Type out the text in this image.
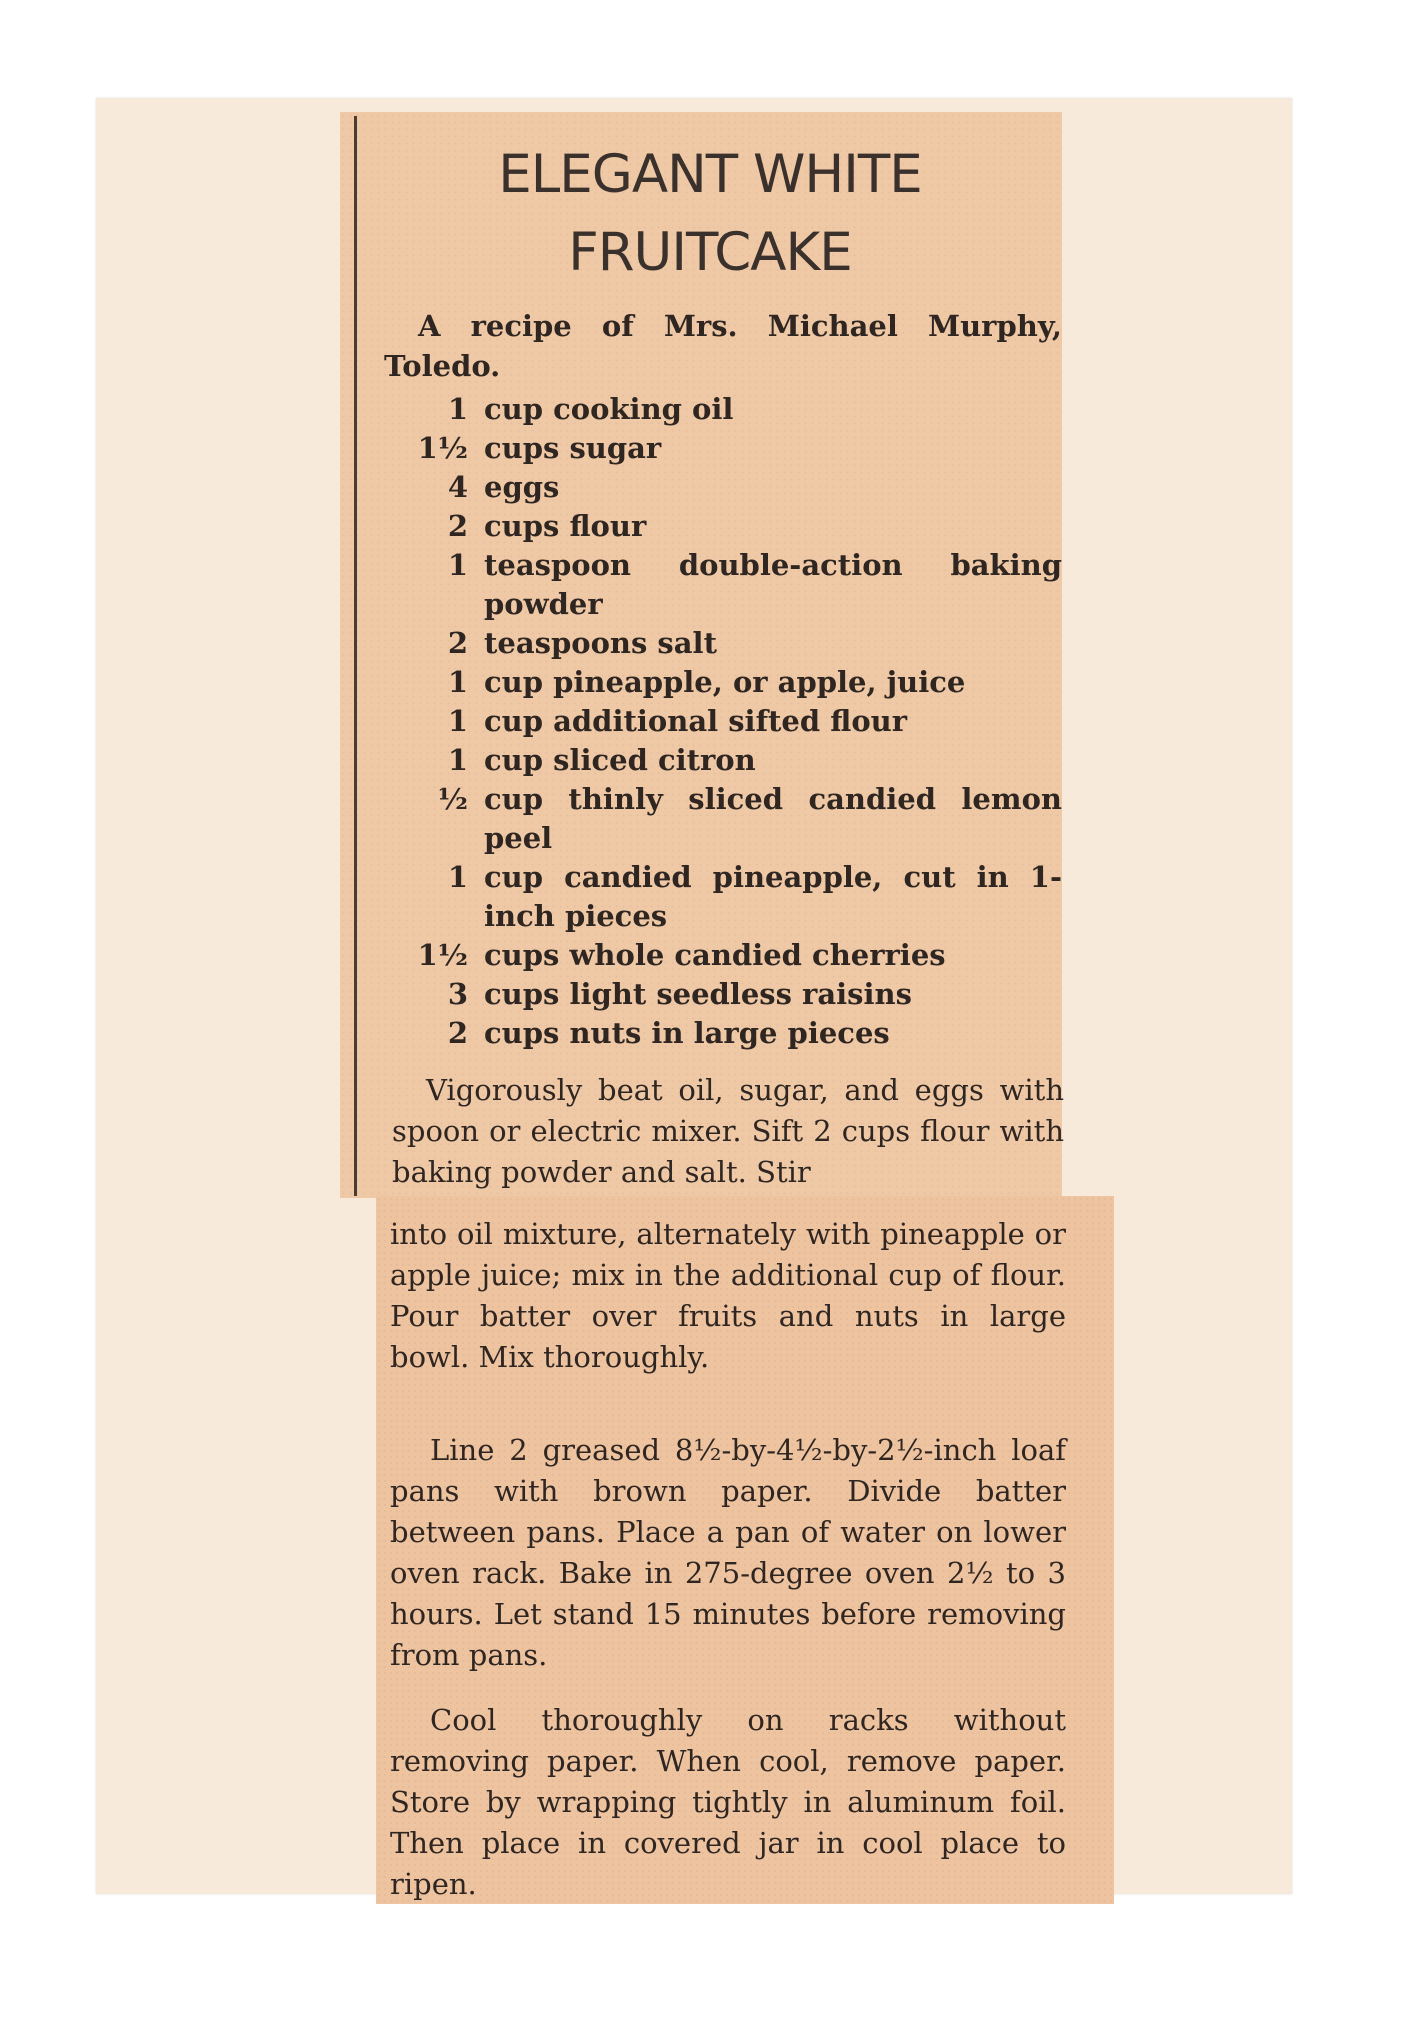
ELEGANT WHITE
FRUITCAKE
A recipe of Mrs. Michael Murphy, Toledo.
1 cup cooking oil
1½ cups sugar
4 eggs
2 cups flour
1 teaspoon double-action baking powder
2 teaspoons salt
1 cup pineapple, or apple, juice
1 cup additional sifted flour
1 cup sliced citron
½ cup thinly sliced candied lemon peel
1 cup candied pineapple, cut in 1-inch pieces
1½ cups whole candied cherries
3 cups light seedless raisins
2 cups nuts in large pieces

Vigorously beat oil, sugar, and eggs with spoon or electric mixer. Sift 2 cups flour with baking powder and salt. Stir

into oil mixture, alternately with pineapple or apple juice; mix in the additional cup of flour. Pour batter over fruits and nuts in large bowl. Mix thoroughly.

Line 2 greased 8½-by-4½-by-2½-inch loaf pans with brown paper. Divide batter between pans. Place a pan of water on lower oven rack. Bake in 275-degree oven 2½ to 3 hours. Let stand 15 minutes before removing from pans.

Cool thoroughly on racks without removing paper. When cool, remove paper. Store by wrapping tightly in aluminum foil. Then place in covered jar in cool place to ripen.
